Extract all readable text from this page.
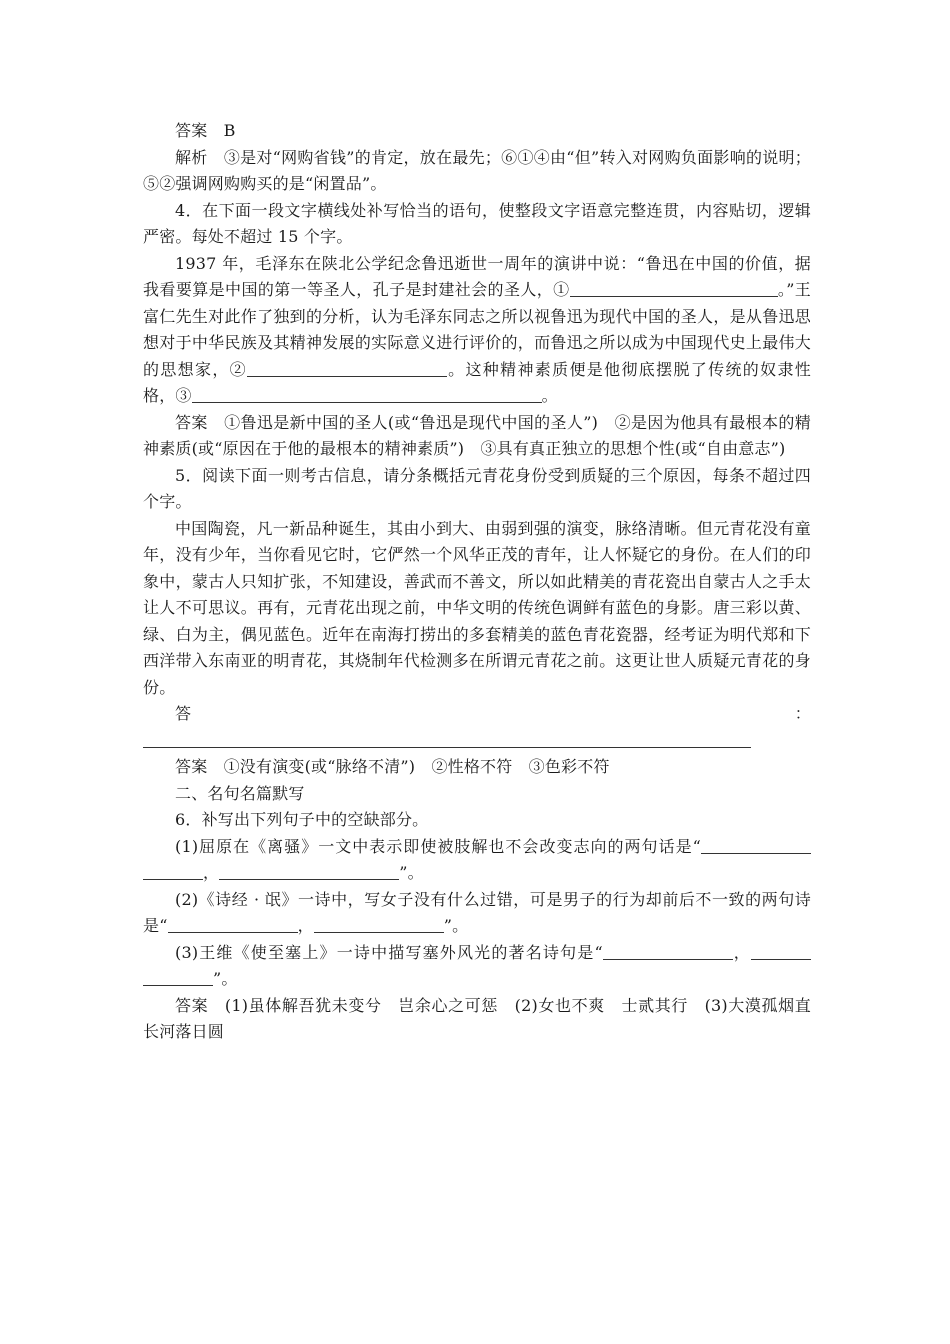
答案　 B

解析　 ③是对“网购省钱”的肯定，放在最先；⑥①④由“但”转入对网购负面影响的说明；⑤②强调网购购买的是“闲置品”。

4．在下面一段文字横线处补写恰当的语句，使整段文字语意完整连贯，内容贴切，逻辑严密。每处不超过 15 个字。

1937 年，毛泽东在陕北公学纪念鲁迅逝世一周年的演讲中说：“鲁迅在中国的价值，据我看要算是中国的第一等圣人，孔子是封建社会的圣人，①	。”王富仁先生对此作了独到的分析，认为毛泽东同志之所以视鲁迅为现代中国的圣人，是从鲁迅思想对于中华民族及其精神发展的实际意义进行评价的，而鲁迅之所以成为中国现代史上最伟大的思想家，②	。这种精神素质便是他彻底摆脱了传统的奴隶性格，③	。

答案　 ①鲁迅是新中国的圣人(或“鲁迅是现代中国的圣人”)　②是因为他具有最根本的精神素质(或“原因在于他的最根本的精神素质”)　③具有真正独立的思想个性(或“自由意志”)

5．阅读下面一则考古信息，请分条概括元青花身份受到质疑的三个原因，每条不超过四个字。

中国陶瓷，凡一新品种诞生，其由小到大、由弱到强的演变，脉络清晰。但元青花没有童年，没有少年，当你看见它时，它俨然一个风华正茂的青年，让人怀疑它的身份。在人们的印象中，蒙古人只知扩张，不知建设，善武而不善文，所以如此精美的青花瓷出自蒙古人之手太让人不可思议。再有，元青花出现之前，中华文明的传统色调鲜有蓝色的身影。唐三彩以黄、绿、白为主，偶见蓝色。近年在南海打捞出的多套精美的蓝色青花瓷器，经考证为明代郑和下西洋带入东南亚的明青花，其烧制年代检测多在所谓元青花之前。这更让世人质疑元青花的身份。

答：

答案　 ①没有演变(或“脉络不清”)　②性格不符　③色彩不符

二、名句名篇默写

6．补写出下列句子中的空缺部分。

(1)屈原在《离骚》一文中表示即使被肢解也不会改变志向的两句话是“，	”。

(2)《诗经 · 氓》一诗中，写女子没有什么过错，可是男子的行为却前后不一致的两句诗是“	，	”。

(3)王维《使至塞上》一诗中描写塞外风光的著名诗句是“	，”。

答案　 (1)虽体解吾犹未变兮　岂余心之可惩　(2)女也不爽　士贰其行　(3)大漠孤烟直　长河落日圆
